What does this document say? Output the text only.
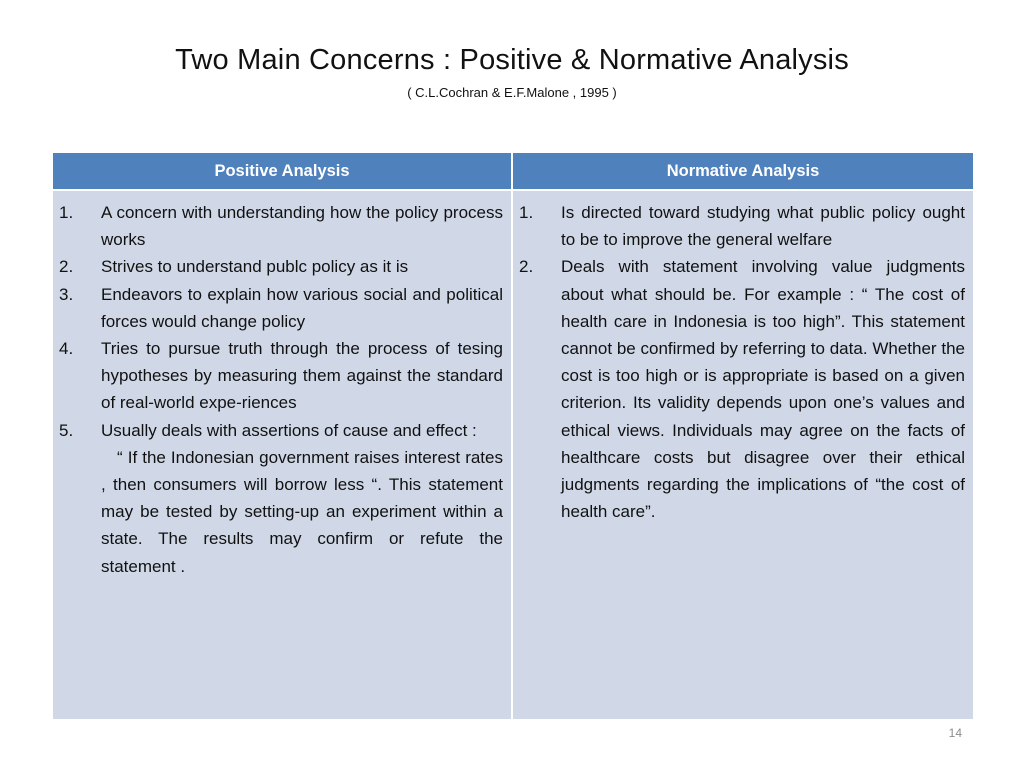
Two Main Concerns : Positive & Normative Analysis
( C.L.Cochran & E.F.Malone , 1995 )
Positive Analysis	Normative Analysis
1.	A concern with understanding how the policy process works
2.	Strives to understand publc policy as it is
3.	Endeavors to explain how various social and political forces would change policy
4.	Tries to pursue truth through the process of tesing hypotheses by measuring them against the standard of real-world expe-riences
5.	Usually deals with assertions of cause and effect :
“ If the Indonesian government raises interest rates , then consumers will borrow less “. This statement may be tested by setting-up an experiment within a state. The results may confirm or refute the statement .
1.	Is directed toward studying what public policy ought to be to improve the general welfare
2.	Deals with statement involving value judgments about what should be. For example : “ The cost of health care in Indonesia is too high”. This statement cannot be confirmed by referring to data. Whether the cost is too high or is appropriate is based on a given criterion. Its validity depends upon one’s values and ethical views. Individuals may agree on the facts of healthcare costs but disagree over their ethical judgments regarding the implications of “the cost of health care”.
14
